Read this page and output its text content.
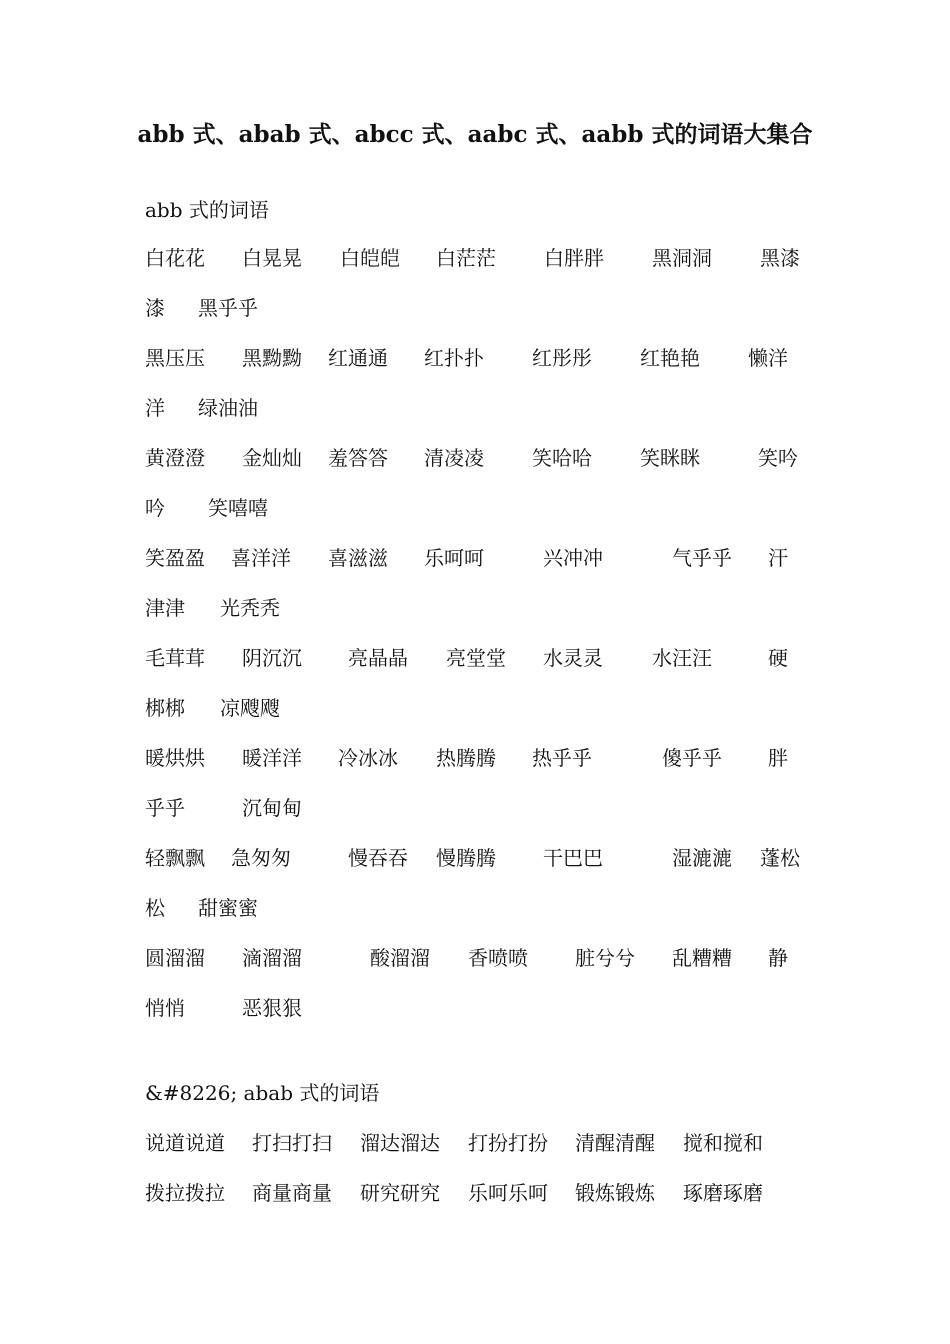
abb 式、abab 式、abcc 式、aabc 式、aabb 式的词语大集合
abb 式的词语
白花花 白晃晃 白皑皑 白茫茫 白胖胖 黑洞洞 黑漆
漆 黑乎乎
黑压压 黑黝黝 红通通 红扑扑 红彤彤 红艳艳 懒洋
洋 绿油油
黄澄澄 金灿灿 羞答答 清凌凌 笑哈哈 笑眯眯	笑吟
吟 笑嘻嘻
笑盈盈 喜洋洋 喜滋滋 乐呵呵	兴冲冲	气乎乎 汗
津津 光秃秃
毛茸茸 阴沉沉 亮晶晶 亮堂堂 水灵灵 水汪汪	硬
梆梆 凉飕飕
暖烘烘 暖洋洋 冷冰冰 热腾腾 热乎乎	傻乎乎 胖
乎乎	沉甸甸
轻飘飘 急匆匆	慢吞吞 慢腾腾 干巴巴	湿漉漉 蓬松
松 甜蜜蜜
圆溜溜 滴溜溜	酸溜溜 香喷喷 脏兮兮 乱糟糟 静
悄悄	恶狠狠
&#8226; abab 式的词语
说道说道 打扫打扫 溜达溜达 打扮打扮 清醒清醒 搅和搅和
拨拉拨拉 商量商量 研究研究 乐呵乐呵 锻炼锻炼 琢磨琢磨
